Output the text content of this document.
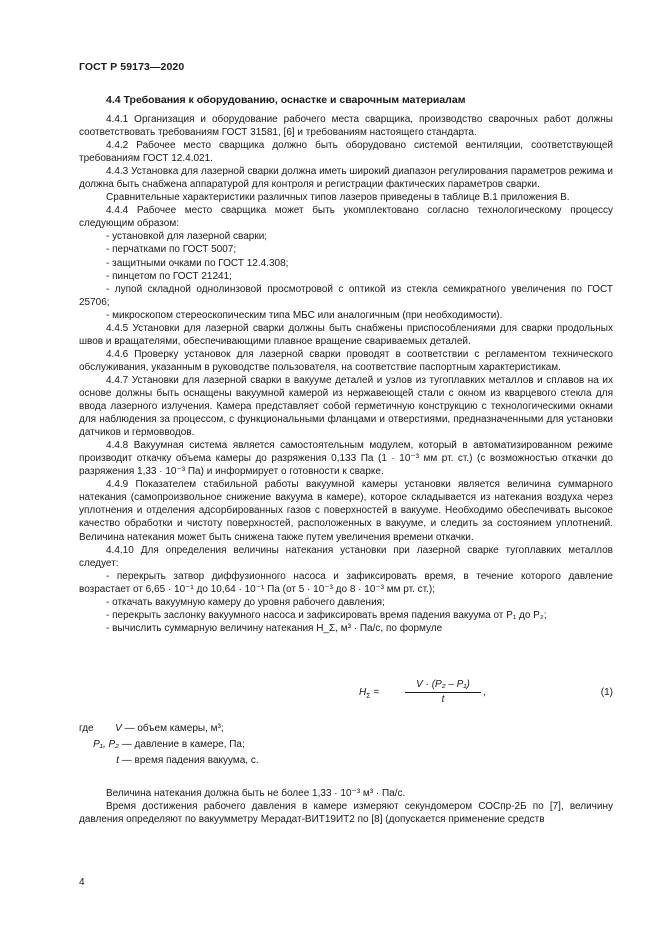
ГОСТ Р 59173—2020
4.4 Требования к оборудованию, оснастке и сварочным материалам

4.4.1 Организация и оборудование рабочего места сварщика, производство сварочных работ должны соответствовать требованиям ГОСТ 31581, [6] и требованиям настоящего стандарта.

4.4.2 Рабочее место сварщика должно быть оборудовано системой вентиляции, соответствующей требованиям ГОСТ 12.4.021.

4.4.3 Установка для лазерной сварки должна иметь широкий диапазон регулирования параметров режима и должна быть снабжена аппаратурой для контроля и регистрации фактических параметров сварки.

Сравнительные характеристики различных типов лазеров приведены в таблице В.1 приложения В.

4.4.4 Рабочее место сварщика может быть укомплектовано согласно технологическому процессу следующим образом:

- установкой для лазерной сварки;

- перчатками по ГОСТ 5007;

- защитными очками по ГОСТ 12.4.308;

- пинцетом по ГОСТ 21241;

- лупой складной однолинзовой просмотровой с оптикой из стекла семикратного увеличения по ГОСТ 25706;

- микроскопом стереоскопическим типа МБС или аналогичным (при необходимости).

4.4.5 Установки для лазерной сварки должны быть снабжены приспособлениями для сварки продольных швов и вращателями, обеспечивающими плавное вращение свариваемых деталей.

4.4.6 Проверку установок для лазерной сварки проводят в соответствии с регламентом технического обслуживания, указанным в руководстве пользователя, на соответствие паспортным характеристикам.

4.4.7 Установки для лазерной сварки в вакууме деталей и узлов из тугоплавких металлов и сплавов на их основе должны быть оснащены вакуумной камерой из нержавеющей стали с окном из кварцевого стекла для ввода лазерного излучения. Камера представляет собой герметичную конструкцию с технологическими окнами для наблюдения за процессом, с функциональными фланцами и отверстиями, предназначенными для установки датчиков и гермовводов.

4.4.8 Вакуумная система является самостоятельным модулем, который в автоматизированном режиме производит откачку объема камеры до разряжения 0,133 Па (1 · 10⁻³ мм рт. ст.) (с возможностью откачки до разряжения 1,33 · 10⁻³ Па) и информирует о готовности к сварке.

4.4.9 Показателем стабильной работы вакуумной камеры установки является величина суммарного натекания (самопроизвольное снижение вакуума в камере), которое складывается из натекания воздуха через уплотнения и отделения адсорбированных газов с поверхностей в вакууме. Необходимо обеспечивать высокое качество обработки и чистоту поверхностей, расположенных в вакууме, и следить за состоянием уплотнений. Величина натекания может быть снижена также путем увеличения времени откачки.

4.4.10 Для определения величины натекания установки при лазерной сварке тугоплавких металлов следует:

- перекрыть затвор диффузионного насоса и зафиксировать время, в течение которого давление возрастает от 6,65 · 10⁻¹ до 10,64 · 10⁻¹ Па (от 5 · 10⁻³ до 8 · 10⁻³ мм рт. ст.);

- откачать вакуумную камеру до уровня рабочего давления;

- перекрыть заслонку вакуумного насоса и зафиксировать время падения вакуума от P₁ до P₂;

- вычислить суммарную величину натекания H_Σ, м³ · Па/с, по формуле

$H_\Sigma$ =	$\frac{\text{V · (P₂ – P₁)}}{t}$ ,	(1)
где V — объем камеры, м³;
P₁, P₂ — давление в камере, Па;
t — время падения вакуума, с.

Величина натекания должна быть не более 1,33 · 10⁻³ м³ · Па/с.

Время достижения рабочего давления в камере измеряют секундомером СОСпр-2Б по [7], величину давления определяют по вакуумметру Мерадат-ВИТ19ИТ2 по [8] (допускается применение средств

4
